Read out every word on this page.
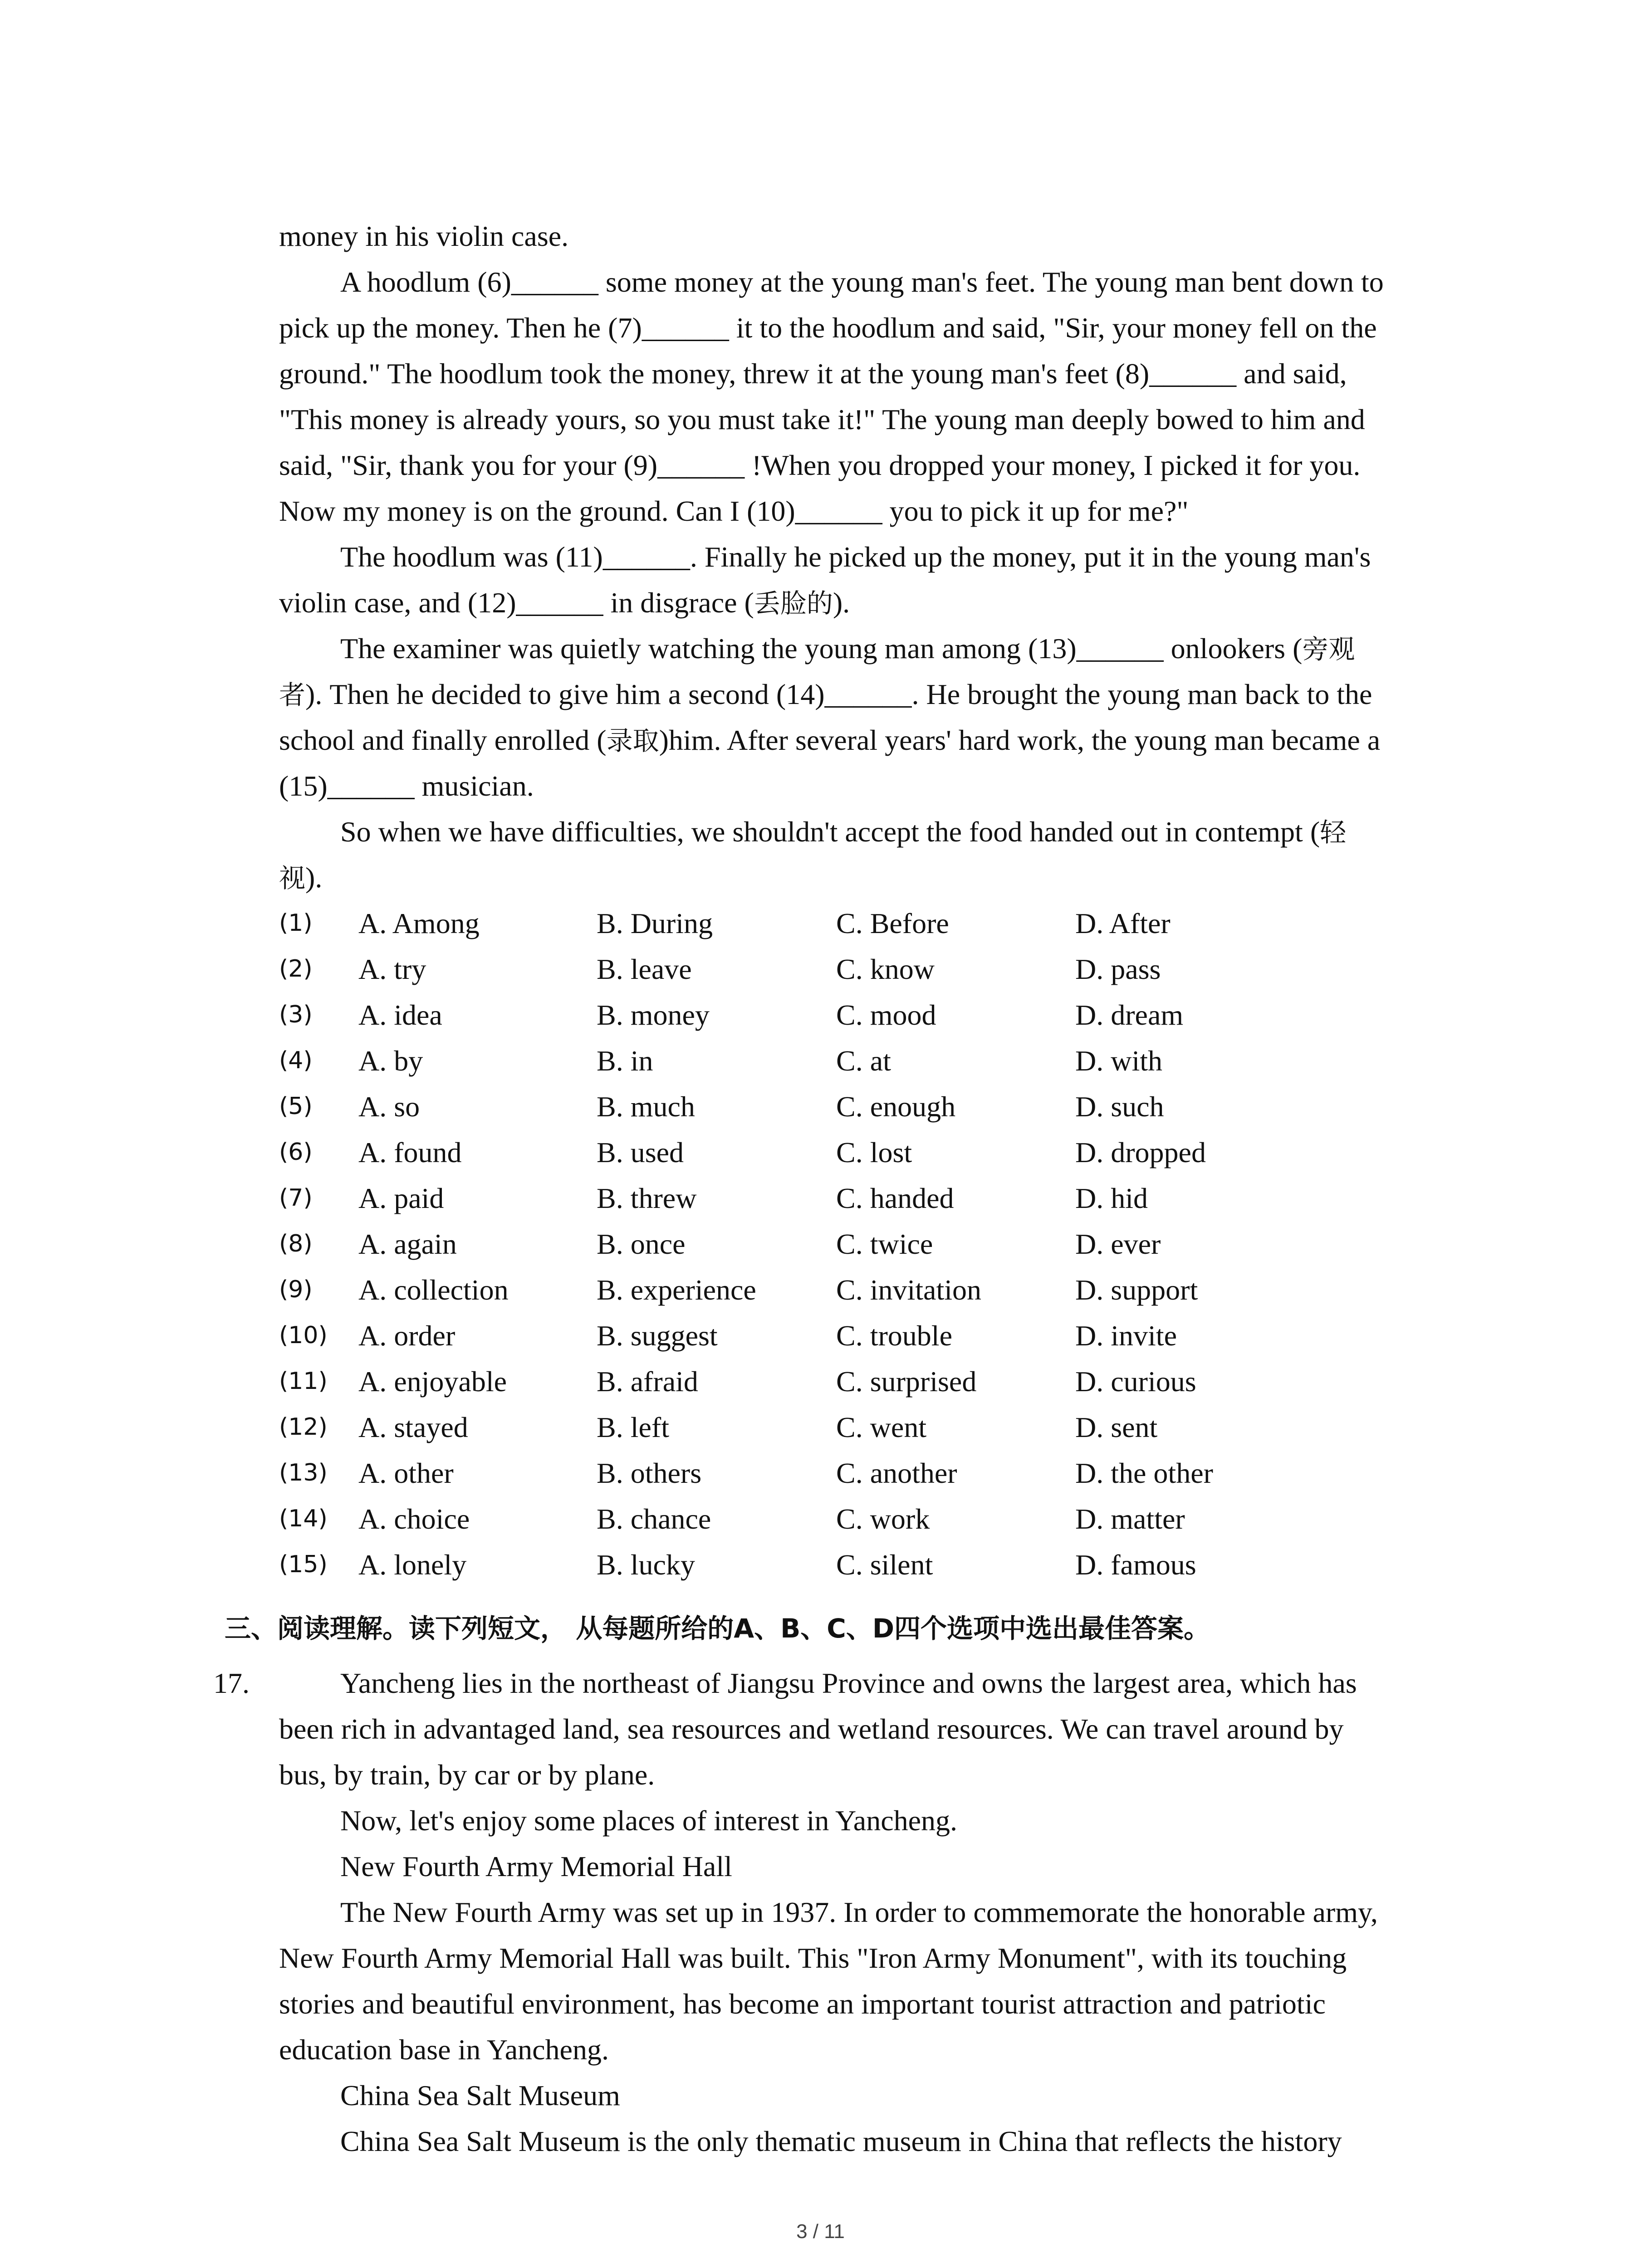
money in his violin case.
A hoodlum (6)______ some money at the young man's feet. The young man bent down to
pick up the money. Then he (7)______ it to the hoodlum and said, "Sir, your money fell on the
ground." The hoodlum took the money, threw it at the young man's feet (8)______ and said,
"This money is already yours, so you must take it!" The young man deeply bowed to him and
said, "Sir, thank you for your (9)______ !When you dropped your money, I picked it for you.
Now my money is on the ground. Can I (10)______ you to pick it up for me?"
The hoodlum was (11)______. Finally he picked up the money, put it in the young man's
violin case, and (12)______ in disgrace (丢脸的).
The examiner was quietly watching the young man among (13)______ onlookers (旁观
者). Then he decided to give him a second (14)______. He brought the young man back to the
school and finally enrolled (录取)him. After several years' hard work, the young man became a
(15)______ musician.
So when we have difficulties, we shouldn't accept the food handed out in contempt (轻
视).
(1) A. Among	B. During	C. Before	D. After
(2) A. try	B. leave	C. know	D. pass
(3) A. idea	B. money	C. mood	D. dream
(4) A. by	B. in	C. at	D. with
(5) A. so	B. much	C. enough	D. such
(6) A. found	B. used	C. lost	D. dropped
(7) A. paid	B. threw	C. handed	D. hid
(8) A. again	B. once	C. twice	D. ever
(9) A. collection	B. experience	C. invitation	D. support
(10) A. order	B. suggest	C. trouble	D. invite
(11) A. enjoyable	B. afraid	C. surprised	D. curious
(12) A. stayed	B. left	C. went	D. sent
(13) A. other	B. others	C. another	D. the other
(14) A. choice	B. chance	C. work	D. matter
(15) A. lonely	B. lucky	C. silent	D. famous
三、阅读理解。读下列短文， 从每题所给的A、B、C、D四个选项中选出最佳答案。
17.	Yancheng lies in the northeast of Jiangsu Province and owns the largest area, which has
been rich in advantaged land, sea resources and wetland resources. We can travel around by
bus, by train, by car or by plane.
Now, let's enjoy some places of interest in Yancheng.
New Fourth Army Memorial Hall
The New Fourth Army was set up in 1937. In order to commemorate the honorable army,
New Fourth Army Memorial Hall was built. This "Iron Army Monument", with its touching
stories and beautiful environment, has become an important tourist attraction and patriotic
education base in Yancheng.
China Sea Salt Museum
China Sea Salt Museum is the only thematic museum in China that reflects the history
3 / 11
